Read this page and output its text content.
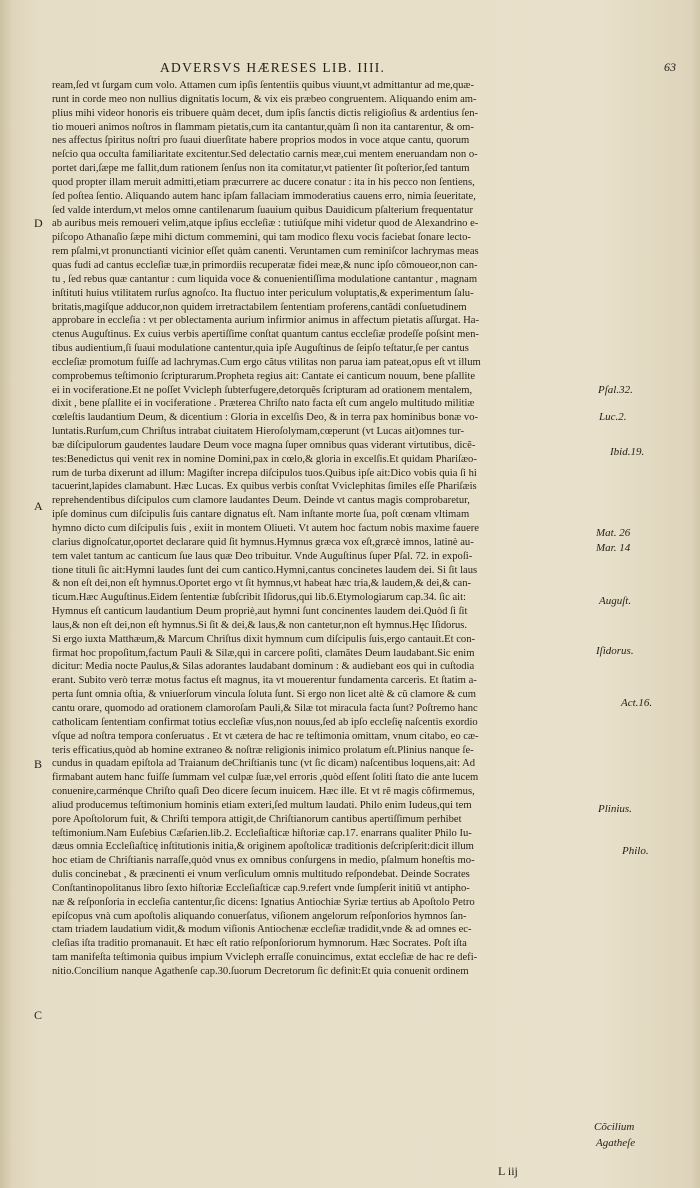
ADVERSVS HÆRESES LIB. IIII.	63
ream,ſed vt ſurgam cum volo. Attamen cum ipſis ſententiis quibus viuunt,vt admittantur ad me,quæ-
runt in corde meo non nullius dignitatis locum, & vix eis præbeo congruentem. Aliquando enim am-
plius mihi videor honoris eis tribuere quàm decet, dum ipſis ſanctis dictis religioſius & ardentius ſen-
tio moueri animos noſtros in flammam pietatis,cum ita cantantur,quàm ſi non ita cantarentur, & om-
nes affectus ſpiritus noſtri pro ſuaui diuerſitate habere proprios modos in voce atque cantu, quorum
neſcio qua occulta familiaritate excitentur.Sed delectatio carnis meæ,cui mentem eneruandam non o-
portet dari,ſæpe me fallit,dum rationem ſenſus non ita comitatur,vt patienter ſit poſterior,ſed tantum
quod propter illam meruit admitti,etiam præcurrere ac ducere conatur : ita in his pecco non ſentiens,
ſed poſtea ſentio. Aliquando autem hanc ipſam fallaciam immoderatius cauens erro, nimia ſeueritate,
ſed valde interdum,vt melos omne cantilenarum ſuauium quibus Dauidicum pſalterium frequentatur
ab auribus meis remoueri velim,atque ipſius eccleſiæ : tutiúſque mihi videtur quod de Alexandrino e-
piſcopo Athanaſio ſæpe mihi dictum commemini, qui tam modico flexu vocis faciebat ſonare lecto-
rem pſalmi,vt pronunctianti vicinior eſſet quàm canenti. Veruntamen cum reminiſcor lachrymas meas
quas fudi ad cantus eccleſiæ tuæ,in primordiis recuperatæ fidei meæ,& nunc ipſo cõmoueor,non can-
tu , ſed rebus quæ cantantur : cum liquida voce & conuenientiſſima modulatione cantantur , magnam
inſtituti huius vtilitatem rurſus agnoſco. Ita fluctuo inter periculum voluptatis,& experimentum ſalu-
britatis,magiſque adducor,non quidem irretractabilem ſententiam proferens,cantãdi conſuetudinem
approbare in eccleſia : vt per oblectamenta aurium infirmior animus in affectum pietatis aſſurgat. Ha-
ctenus Auguſtinus. Ex cuius verbis apertiſſime conſtat quantum cantus eccleſiæ prodeſſe poſsint men-
tibus audientium,ſi ſuaui modulatione cantentur,quia ipſe Auguſtinus de ſeipſo teſtatur,ſe per cantus
eccleſiæ promotum fuiſſe ad lachrymas.Cum ergo cãtus vtilitas non parua iam pateat,opus eſt vt illum
comprobemus teſtimonio ſcripturarum.Propheta regius ait: Cantate ei canticum nouum, bene pſallite
ei in vociferatione.Et ne poſſet Vvicleph ſubterfugere,detorquẽs ſcripturam ad orationem mentalem,
dixit , bene pſallite ei in vociferatione . Præterea Chriſto nato facta eſt cum angelo multitudo militiæ
cœleſtis laudantium Deum, & dicentium : Gloria in excelſis Deo, & in terra pax hominibus bonæ vo-
luntatis.Rurſum,cum Chriſtus intrabat ciuitatem Hieroſolymam,cœperunt (vt Lucas ait)omnes tur-
bæ diſcipulorum gaudentes laudare Deum voce magna ſuper omnibus quas viderant virtutibus, dicẽ-
tes:Benedictus qui venit rex in nomine Domini,pax in cœlo,& gloria in excelſis.Et quidam Phariſæo-
rum de turba dixerunt ad illum: Magiſter increpa diſcipulos tuos.Quibus ipſe ait:Dico vobis quia ſi hi
tacuerint,lapides clamabunt. Hæc Lucas. Ex quibus verbis conſtat Vviclephitas ſimiles eſſe Phariſæis
reprehendentibus diſcipulos cum clamore laudantes Deum. Deinde vt cantus magis comprobaretur,
ipſe dominus cum diſcipulis ſuis cantare dignatus eſt. Nam inſtante morte ſua, poſt cœnam vltimam
hymno dicto cum diſcipulis ſuis , exiit in montem Oliueti. Vt autem hoc factum nobis maxime fauere
clarius dignoſcatur,oportet declarare quid ſit hymnus.Hymnus græca vox eſt,græcè imnos, latinè au-
tem valet tantum ac canticum ſue laus quæ Deo tribuitur. Vnde Auguſtinus ſuper Pſal. 72. in expoſi-
tione tituli ſic ait:Hymni laudes ſunt dei cum cantico.Hymni,cantus concinetes laudem dei. Si ſit laus
& non eſt dei,non eſt hymnus.Oportet ergo vt ſit hymnus,vt habeat hæc tria,& laudem,& dei,& can-
ticum.Hæc Auguſtinus.Eidem ſententiæ ſubſcribit Iſidorus,qui lib.6.Etymologiarum cap.34. ſic ait:
Hymnus eſt canticum laudantium Deum propriè,aut hymni ſunt concinentes laudem dei.Quòd ſi ſit
laus,& non eſt dei,non eſt hymnus.Si ſit & dei,& laus,& non cantetur,non eſt hymnus.Hęc Iſidorus.
Si ergo iuxta Matthæum,& Marcum Chriſtus dixit hymnum cum diſcipulis ſuis,ergo cantauit.Et con-
firmat hoc propoſitum,factum Pauli & Silæ,qui in carcere poſiti, clamãtes Deum laudabant.Sic enim
dicitur: Media nocte Paulus,& Silas adorantes laudabant dominum : & audiebant eos qui in cuſtodia
erant. Subito verò terræ motus factus eſt magnus, ita vt mouerentur fundamenta carceris. Et ſtatim a-
perta ſunt omnia oſtia, & vniuerſorum vincula ſoluta ſunt. Si ergo non licet altè & cũ clamore & cum
cantu orare, quomodo ad orationem clamoroſam Pauli,& Silæ tot miracula facta ſunt? Poſtremo hanc
catholicam ſententiam confirmat totius eccleſiæ vſus,non nouus,ſed ab ipſo eccleſię naſcentis exordio
vſque ad noſtra tempora conſeruatus . Et vt cætera de hac re teſtimonia omittam, vnum citabo, eo cæ-
teris efficatius,quòd ab homine extraneo & noſtræ religionis inimico prolatum eſt.Plinius nanque ſe-
cundus in quadam epiſtola ad Traianum deChriſtianis tunc (vt ſic dicam) naſcentibus loquens,ait: Ad
firmabant autem hanc fuiſſe ſummam vel culpæ ſuæ,vel erroris ,quòd eſſent ſoliti ſtato die ante lucem
conuenire,carménque Chriſto quaſi Deo dicere ſecum inuicem. Hæc ille. Et vt rẽ magis cõfirmemus,
aliud producemus teſtimonium hominis etiam exteri,ſed multum laudati. Philo enim Iudeus,qui tem
pore Apoſtolorum fuit, & Chriſti tempora attigit,de Chriſtianorum cantibus apertiſſimum perhibet
teſtimonium.Nam Euſebius Cæſarien.lib.2. Eccleſiaſticæ hiſtoriæ cap.17. enarrans qualiter Philo Iu-
dæus omnia Eccleſiaſticę inſtitutionis initia,& originem apoſtolicæ traditionis deſcripſerit:dicit illum
hoc etiam de Chriſtianis narraſſe,quòd vnus ex omnibus conſurgens in medio, pſalmum honeſtis mo-
dulis concinebat , & præcinenti ei vnum verſiculum omnis multitudo reſpondebat. Deinde Socrates
Conſtantinopolitanus libro ſexto hiſtoriæ Eccleſiaſticæ cap.9.refert vnde ſumpſerit initiũ vt antipho-
næ & reſponſoria in eccleſia cantentur,ſic dicens: Ignatius Antiochiæ Syriæ tertius ab Apoſtolo Petro
epiſcopus vnà cum apoſtolis aliquando conuerſatus, viſionem angelorum reſponſorios hymnos ſan-
ctam triadem laudatium vidit,& modum viſionis Antiochenæ eccleſiæ tradidit,vnde & ad omnes ec-
cleſias iſta traditio promanauit. Et hæc eſt ratio reſponſoriorum hymnorum. Hæc Socrates. Poſt iſta
tam manifeſta teſtimonia quibus impium Vvicleph erraſſe conuincimus, extat eccleſiæ de hac re defi-
nitio.Concilium nanque Agathenſe cap.30.ſuorum Decretorum ſic definit:Et quia conuenit ordinem
D
A
B
C
Pſal.32.
Luc.2.
Ibid.19.
Mat. 26
Mar. 14
Auguſt.
Iſidorus.
Act.16.
Plinius.
Philo.
Cõcilium
Agatheſe
L iij
